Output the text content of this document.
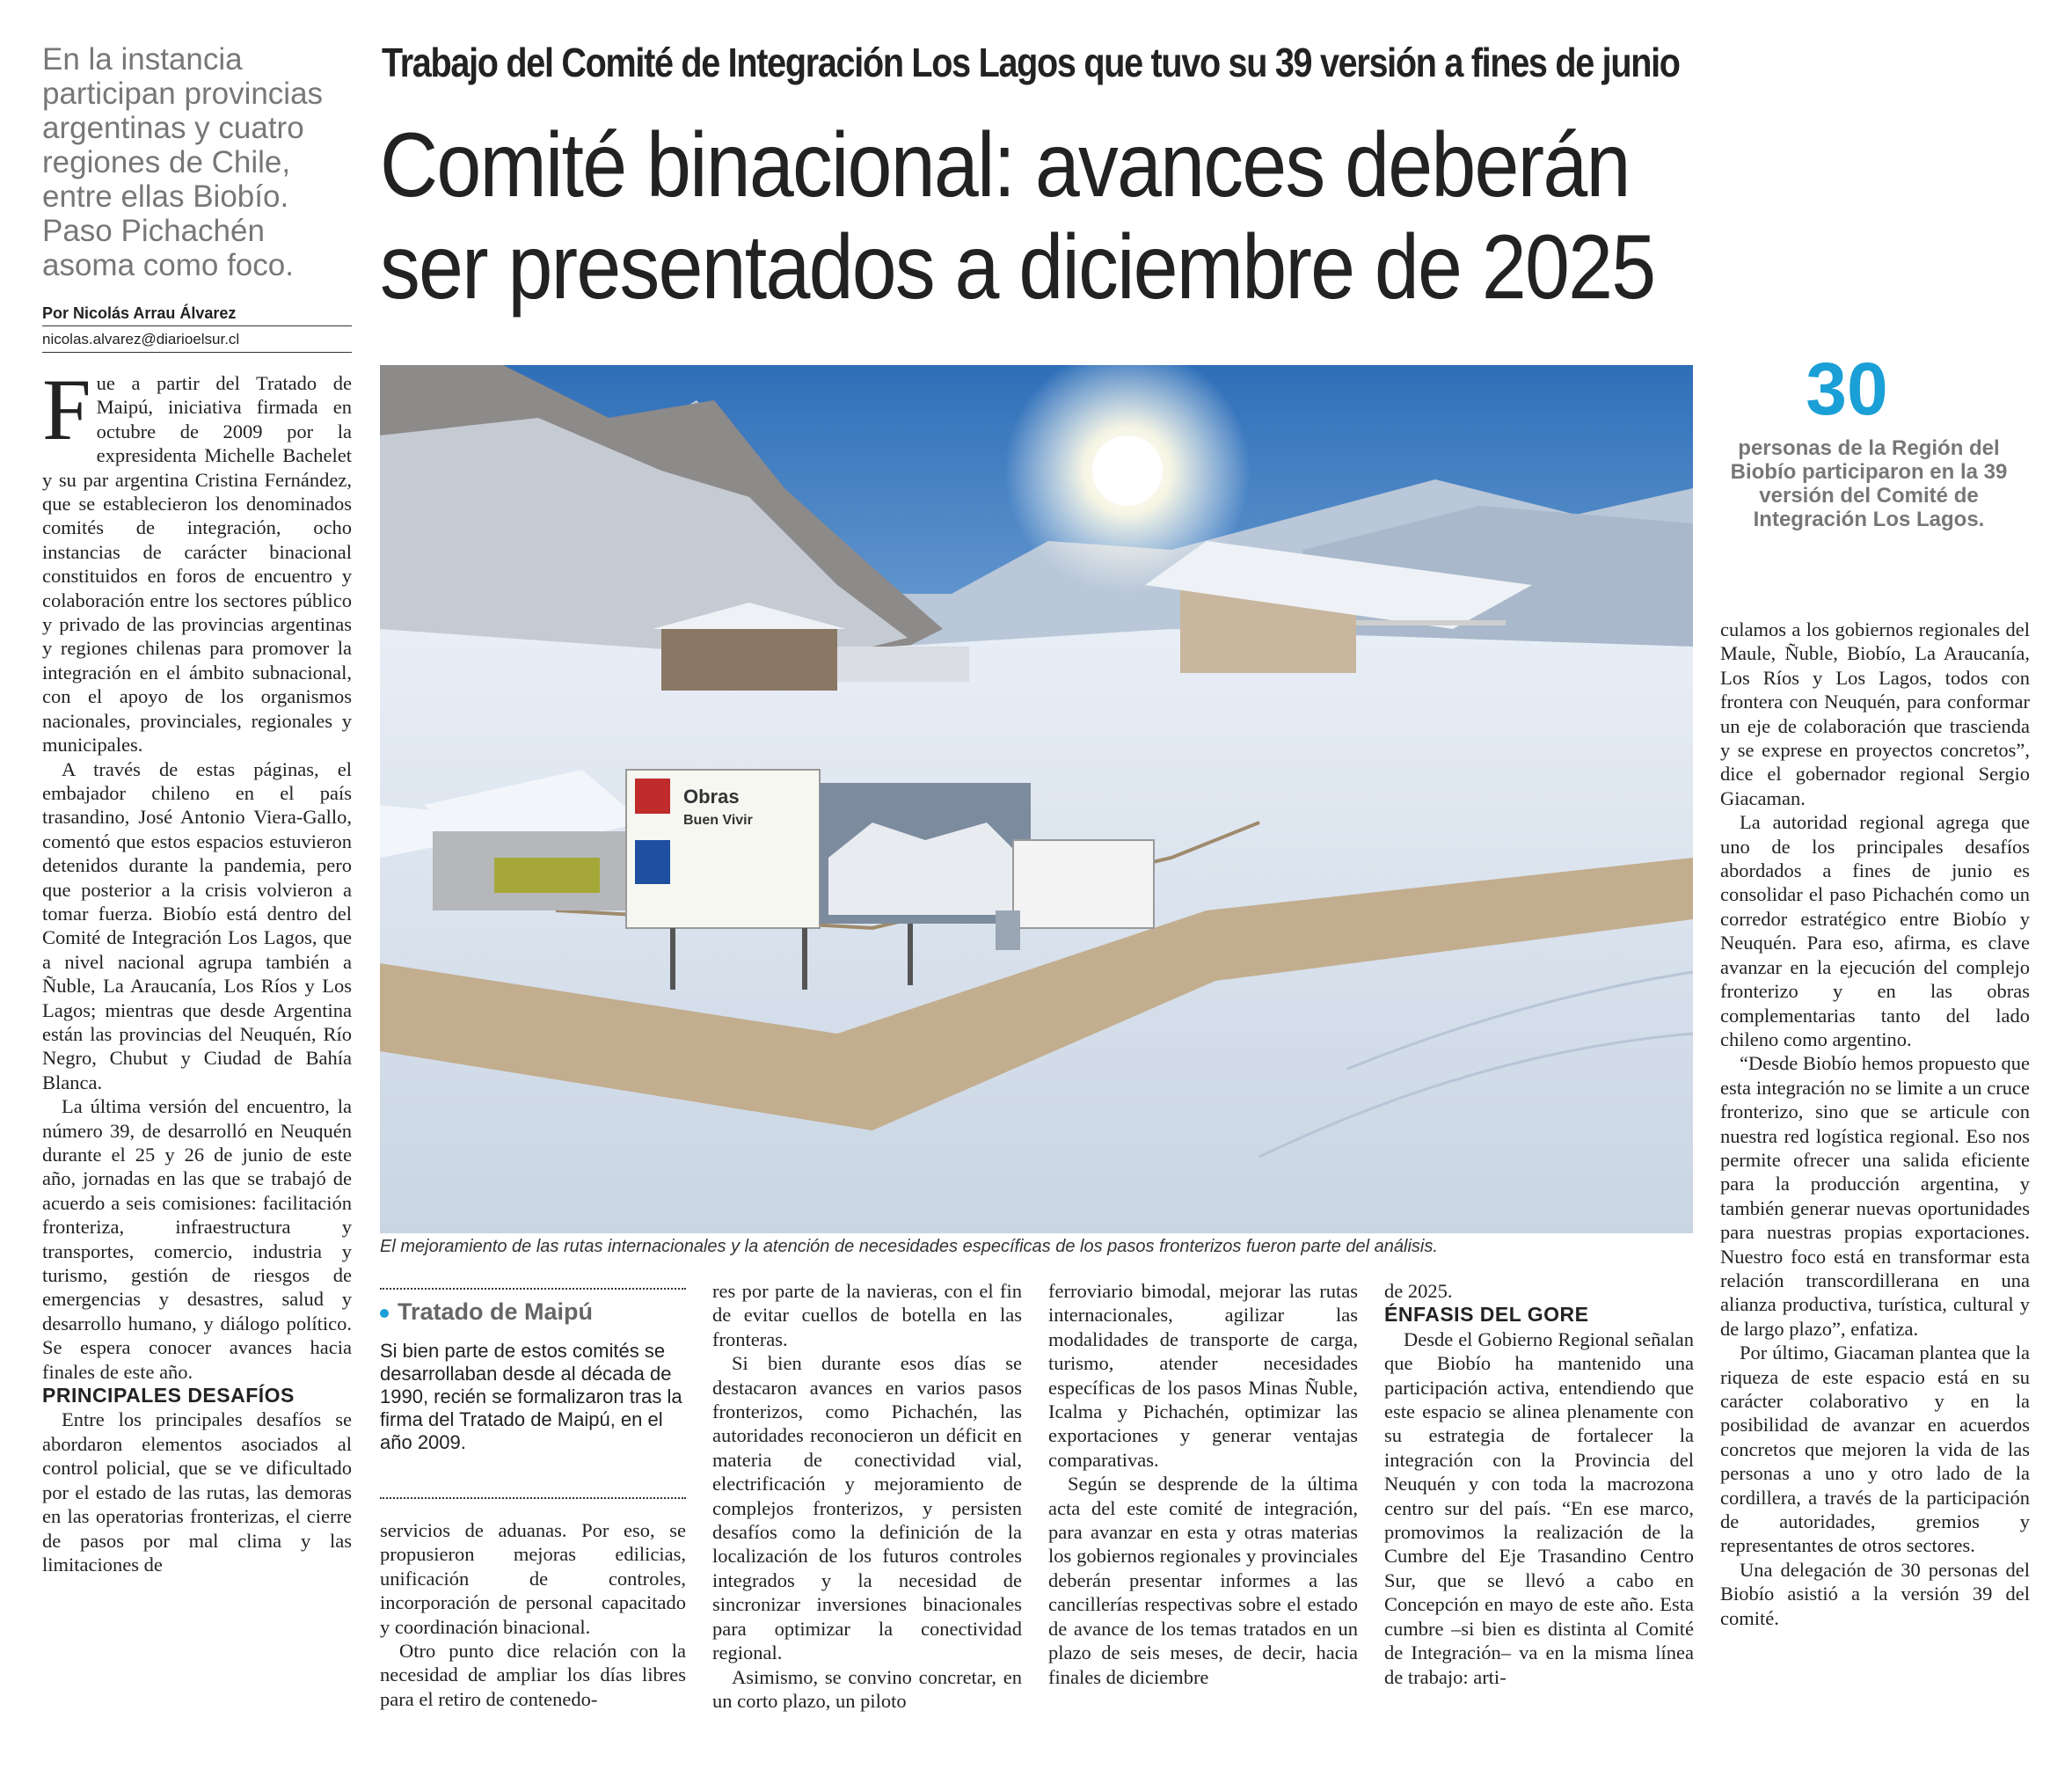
En la instancia participan provincias argentinas y cuatro regiones de Chile, entre ellas Biobío. Paso Pichachén asoma como foco.
Trabajo del Comité de Integración Los Lagos que tuvo su 39 versión a fines de junio
Comité binacional: avances deberán
ser presentados a diciembre de 2025
Por Nicolás Arrau Álvarez
nicolas.alvarez@diarioelsur.cl
Obras
Buen Vivir
El mejoramiento de las rutas internacionales y la atención de necesidades específicas de los pasos fronterizos fueron parte del análisis.
30
personas de la Región del Biobío participaron en la 39 versión del Comité de Integración Los Lagos.

Fue a partir del Tratado de Maipú, iniciativa firmada en octubre de 2009 por la expresidenta Michelle Bachelet y su par argentina Cristina Fernández, que se establecieron los denominados comités de integración, ocho instancias de carácter binacional constituidos en foros de encuentro y colaboración entre los sectores público y privado de las provincias argentinas y regiones chilenas para promover la integración en el ámbito subnacional, con el apoyo de los organismos nacionales, provinciales, regionales y municipales.

A través de estas páginas, el embajador chileno en el país trasandino, José Antonio Viera-Gallo, comentó que estos espacios estuvieron detenidos durante la pandemia, pero que posterior a la crisis volvieron a tomar fuerza. Biobío está dentro del Comité de Integración Los Lagos, que a nivel nacional agrupa también a Ñuble, La Araucanía, Los Ríos y Los Lagos; mientras que desde Argentina están las provincias del Neuquén, Río Negro, Chubut y Ciudad de Bahía Blanca.

La última versión del encuentro, la número 39, de desarrolló en Neuquén durante el 25 y 26 de junio de este año, jornadas en las que se trabajó de acuerdo a seis comisiones: facilitación fronteriza, infraestructura y transportes, comercio, industria y turismo, gestión de riesgos de emergencias y desastres, salud y desarrollo humano, y diálogo político. Se espera conocer avances hacia finales de este año.

PRINCIPALES DESAFÍOS

Entre los principales desafíos se abordaron elementos asociados al control policial, que se ve dificultado por el estado de las rutas, las demoras en las operatorias fronterizas, el cierre de pasos por mal clima y las limitaciones de

Tratado de Maipú
Si bien parte de estos comités se desarrollaban desde al década de 1990, recién se formalizaron tras la firma del Tratado de Maipú, en el año 2009.

servicios de aduanas. Por eso, se propusieron mejoras edilicias, unificación de controles, incorporación de personal capacitado y coordinación binacional.

Otro punto dice relación con la necesidad de ampliar los días libres para el retiro de contenedo-

res por parte de la navieras, con el fin de evitar cuellos de botella en las fronteras.

Si bien durante esos días se destacaron avances en varios pasos fronterizos, como Pichachén, las autoridades reconocieron un déficit en materia de conectividad vial, electrificación y mejoramiento de complejos fronterizos, y persisten desafíos como la definición de la localización de los futuros controles integrados y la necesidad de sincronizar inversiones binacionales para optimizar la conectividad regional.

Asimismo, se convino concretar, en un corto plazo, un piloto

ferroviario bimodal, mejorar las rutas internacionales, agilizar las modalidades de transporte de carga, turismo, atender necesidades específicas de los pasos Minas Ñuble, Icalma y Pichachén, optimizar las exportaciones y generar ventajas comparativas.

Según se desprende de la última acta del este comité de integración, para avanzar en esta y otras materias los gobiernos regionales y provinciales deberán presentar informes a las cancillerías respectivas sobre el estado de avance de los temas tratados en un plazo de seis meses, de decir, hacia finales de diciembre

de 2025.

ÉNFASIS DEL GORE

Desde el Gobierno Regional señalan que Biobío ha mantenido una participación activa, entendiendo que este espacio se alinea plenamente con su estrategia de fortalecer la integración con la Provincia del Neuquén y con toda la macrozona centro sur del país. “En ese marco, promovimos la realización de la Cumbre del Eje Trasandino Centro Sur, que se llevó a cabo en Concepción en mayo de este año. Esta cumbre –si bien es distinta al Comité de Integración– va en la misma línea de trabajo: arti-

culamos a los gobiernos regionales del Maule, Ñuble, Biobío, La Araucanía, Los Ríos y Los Lagos, todos con frontera con Neuquén, para conformar un eje de colaboración que trascienda y se exprese en proyectos concretos”, dice el gobernador regional Sergio Giacaman.

La autoridad regional agrega que uno de los principales desafíos abordados a fines de junio es consolidar el paso Pichachén como un corredor estratégico entre Biobío y Neuquén. Para eso, afirma, es clave avanzar en la ejecución del complejo fronterizo y en las obras complementarias tanto del lado chileno como argentino.

“Desde Biobío hemos propuesto que esta integración no se limite a un cruce fronterizo, sino que se articule con nuestra red logística regional. Eso nos permite ofrecer una salida eficiente para la producción argentina, y también generar nuevas oportunidades para nuestras propias exportaciones. Nuestro foco está en transformar esta relación transcordillerana en una alianza productiva, turística, cultural y de largo plazo”, enfatiza.

Por último, Giacaman plantea que la riqueza de este espacio está en su carácter colaborativo y en la posibilidad de avanzar en acuerdos concretos que mejoren la vida de las personas a uno y otro lado de la cordillera, a través de la participación de autoridades, gremios y representantes de otros sectores.

Una delegación de 30 personas del Biobío asistió a la versión 39 del comité.
